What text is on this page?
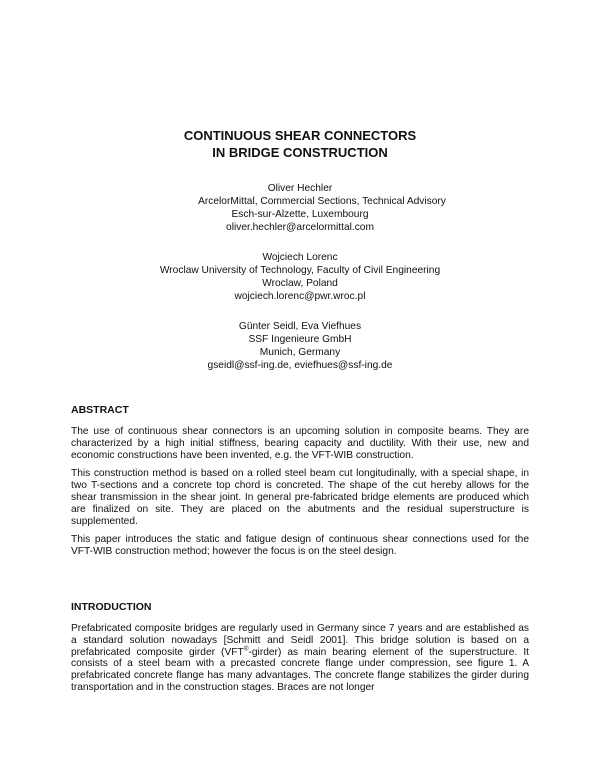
CONTINUOUS SHEAR CONNECTORS
IN BRIDGE CONSTRUCTION
Oliver Hechler
ArcelorMittal, Commercial Sections, Technical Advisory
Esch-sur-Alzette, Luxembourg
oliver.hechler@arcelormittal.com
Wojciech Lorenc
Wroclaw University of Technology, Faculty of Civil Engineering
Wroclaw, Poland
wojciech.lorenc@pwr.wroc.pl
Günter Seidl, Eva Viefhues
SSF Ingenieure GmbH
Munich, Germany
gseidl@ssf-ing.de, eviefhues@ssf-ing.de
ABSTRACT

The use of continuous shear connectors is an upcoming solution in composite beams. They are characterized by a high initial stiffness, bearing capacity and ductility. With their use, new and economic constructions have been invented, e.g. the VFT-WIB construction.

This construction method is based on a rolled steel beam cut longitudinally, with a special shape, in two T-sections and a concrete top chord is concreted. The shape of the cut hereby allows for the shear transmission in the shear joint. In general pre-fabricated bridge elements are produced which are finalized on site. They are placed on the abutments and the residual superstructure is supplemented.

This paper introduces the static and fatigue design of continuous shear connections used for the VFT-WIB construction method; however the focus is on the steel design.

INTRODUCTION

Prefabricated composite bridges are regularly used in Germany since 7 years and are established as a standard solution nowadays [Schmitt and Seidl 2001]. This bridge solution is based on a prefabricated composite girder (VFT®-girder) as main bearing element of the superstructure. It consists of a steel beam with a precasted concrete flange under compression, see figure 1. A prefabricated concrete flange has many advantages. The concrete flange stabilizes the girder during transportation and in the construction stages. Braces are not longer
